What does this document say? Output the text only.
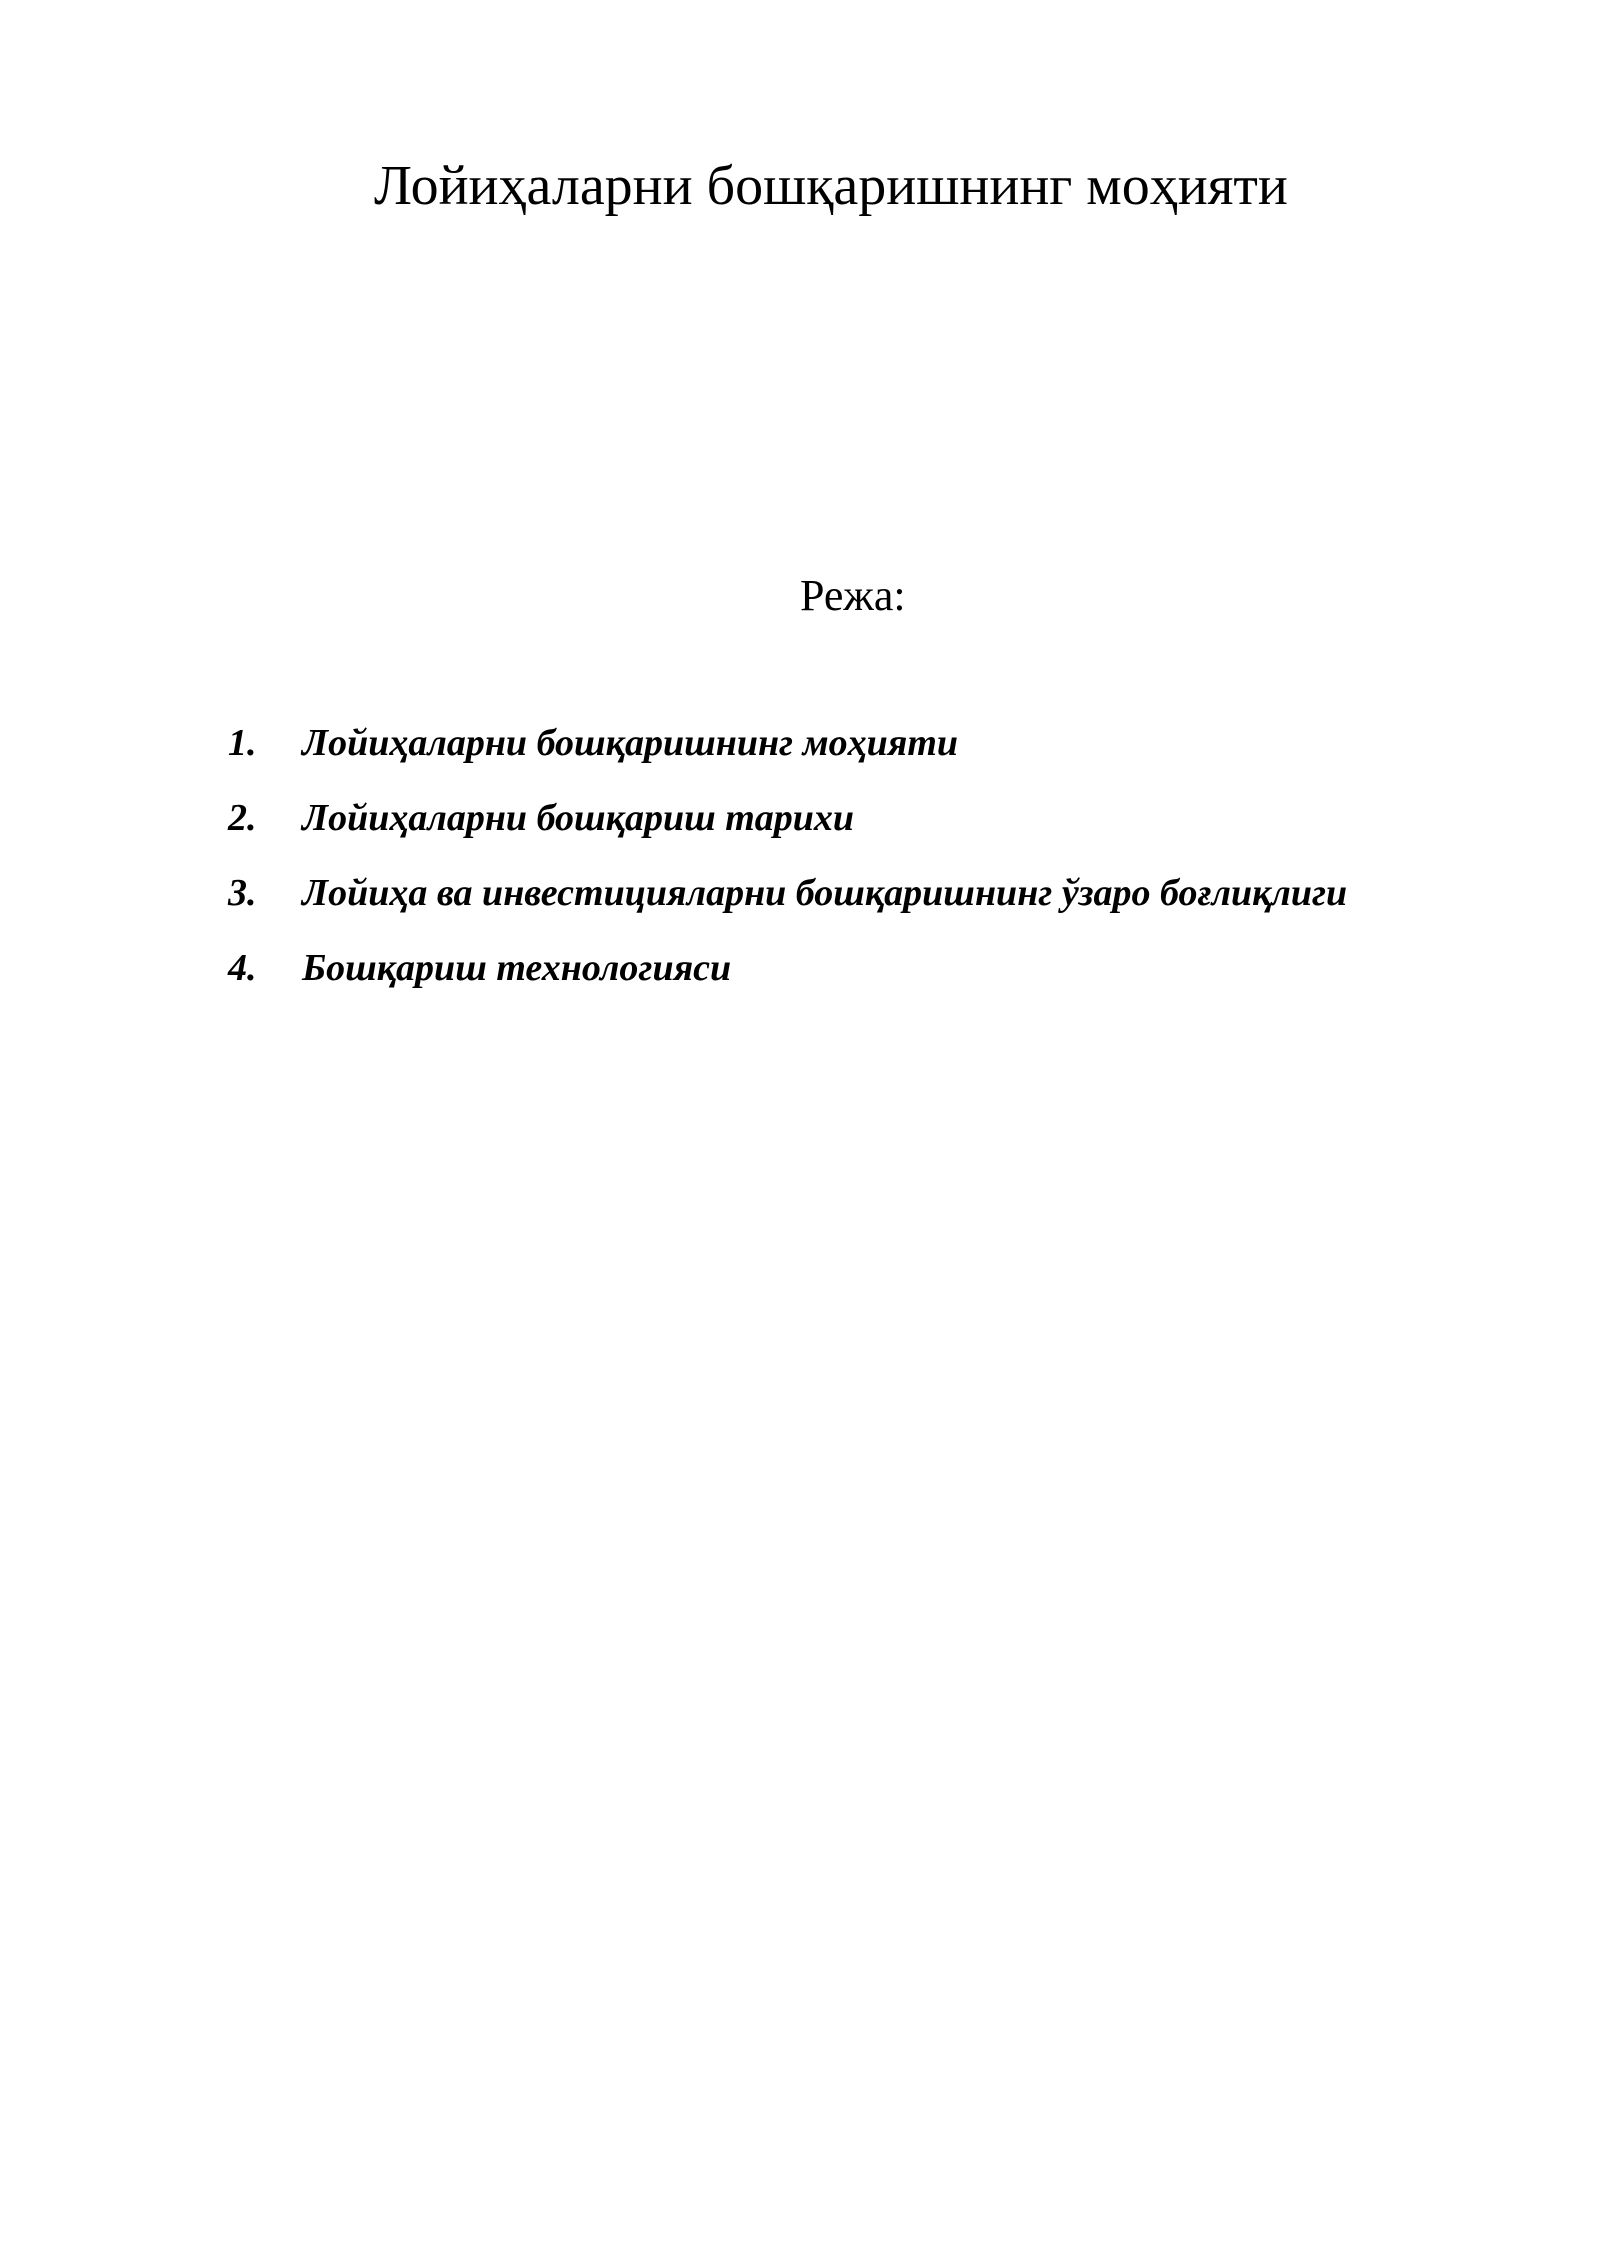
Лойиҳаларни бошқаришнинг моҳияти

Режа:

1.	Лойиҳаларни бошқаришнинг моҳияти
2.	Лойиҳаларни бошқариш тарихи
3.	Лойиҳа ва инвестицияларни бошқаришнинг ўзаро боғлиқлиги
4.	Бошқариш технологияси
